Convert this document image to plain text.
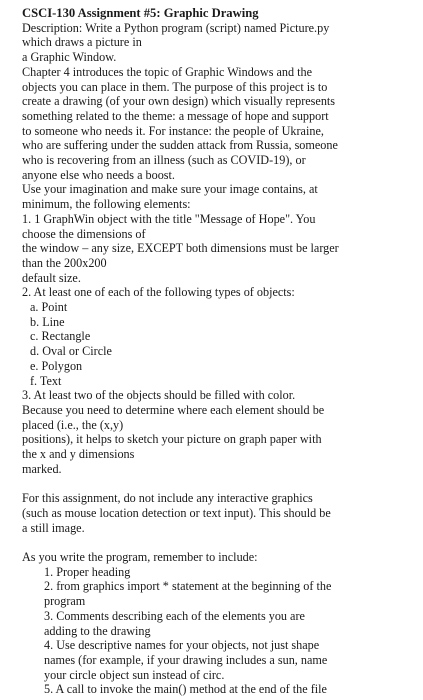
CSCI-130 Assignment #5: Graphic Drawing
Description: Write a Python program (script) named Picture.py
which draws a picture in
a Graphic Window.
Chapter 4 introduces the topic of Graphic Windows and the
objects you can place in them. The purpose of this project is to
create a drawing (of your own design) which visually represents
something related to the theme: a message of hope and support
to someone who needs it. For instance: the people of Ukraine,
who are suffering under the sudden attack from Russia, someone
who is recovering from an illness (such as COVID-19), or
anyone else who needs a boost.
Use your imagination and make sure your image contains, at
minimum, the following elements:
1. 1 GraphWin object with the title "Message of Hope". You
choose the dimensions of
the window – any size, EXCEPT both dimensions must be larger
than the 200x200
default size.
2. At least one of each of the following types of objects:
a. Point
b. Line
c. Rectangle
d. Oval or Circle
e. Polygon
f. Text
3. At least two of the objects should be filled with color.
Because you need to determine where each element should be
placed (i.e., the (x,y)
positions), it helps to sketch your picture on graph paper with
the x and y dimensions
marked.
For this assignment, do not include any interactive graphics
(such as mouse location detection or text input). This should be
a still image.
As you write the program, remember to include:
1. Proper heading
2. from graphics import * statement at the beginning of the
program
3. Comments describing each of the elements you are
adding to the drawing
4. Use descriptive names for your objects, not just shape
names (for example, if your drawing includes a sun, name
your circle object sun instead of circ.
5. A call to invoke the main() method at the end of the file
